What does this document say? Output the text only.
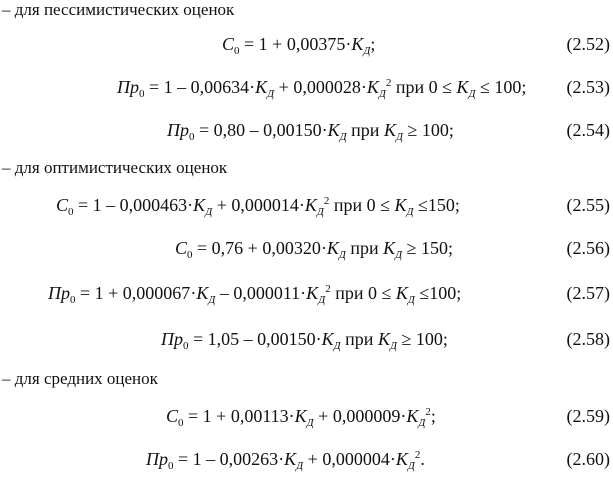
– для пессимистических оценок
$C_0 = 1 + 0,00375\cdot K_Д$;	(2.52)
$Пр_0 = 1 - 0,00634\cdot K_Д + 0,000028\cdot K_Д^2$ при $0 \le K_Д \le 100$; (2.53)
$Пр_0 = 0,80 - 0,00150\cdot K_Д$ при $K_Д \ge 100$;	(2.54)
– для оптимистических оценок
$C_0 = 1 - 0,000463\cdot K_Д + 0,000014\cdot K_Д^2$ при $0 \le K_Д \le 150$;	(2.55)
$C_0 = 0,76 + 0,00320\cdot K_Д$ при $K_Д \ge 150$;	(2.56)
$Пр_0 = 1 + 0,000067\cdot K_Д - 0,000011\cdot K_Д^2$ при $0 \le K_Д \le 100$;	(2.57)
$Пр_0 = 1,05 - 0,00150\cdot K_Д$ при $K_Д \ge 100$;	(2.58)
– для средних оценок
$C_0 = 1 + 0,00113\cdot K_Д + 0,000009\cdot K_Д^2$;	(2.59)
$Пр_0 = 1 - 0,00263\cdot K_Д + 0,000004\cdot K_Д^2$.	(2.60)
